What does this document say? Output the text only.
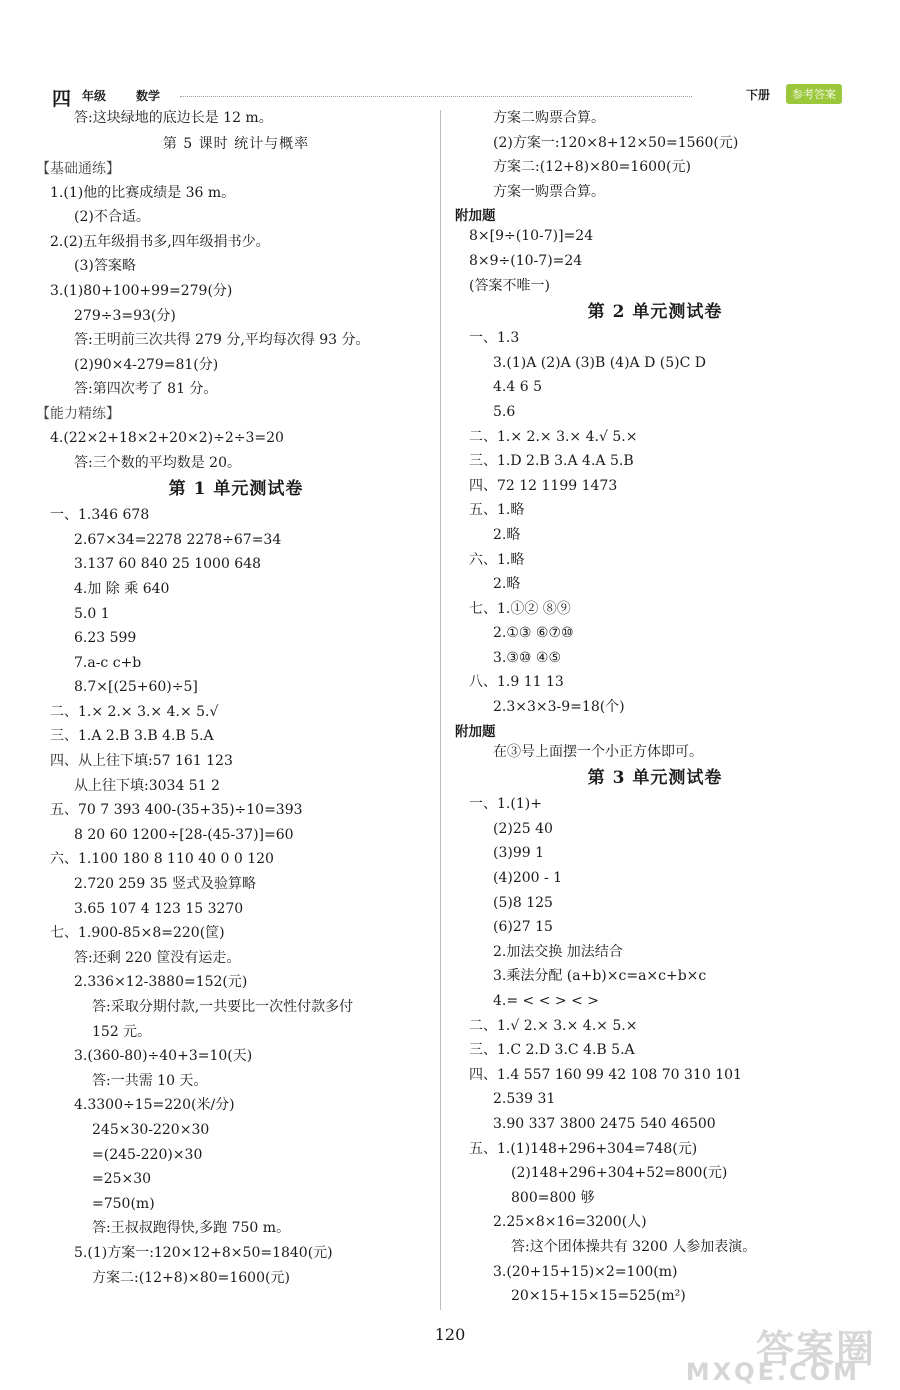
四 年级 数学	下册	参考答案
答:这块绿地的底边长是 12 m。
第 5 课时 统计与概率
【基础通练】
1.(1)他的比赛成绩是 36 m。
(2)不合适。
2.(2)五年级捐书多,四年级捐书少。
(3)答案略
3.(1)80+100+99=279(分)
279÷3=93(分)
答:王明前三次共得 279 分,平均每次得 93 分。
(2)90×4-279=81(分)
答:第四次考了 81 分。
【能力精练】
4.(22×2+18×2+20×2)÷2÷3=20
答:三个数的平均数是 20。
第 1 单元测试卷
一、1.346 678
2.67×34=2278 2278÷67=34
3.137 60 840 25 1000 648
4.加 除 乘 640
5.0 1
6.23 599
7.a-c c+b
8.7×[(25+60)÷5]
二、1.× 2.× 3.× 4.× 5.√
三、1.A 2.B 3.B 4.B 5.A
四、从上往下填:57 161 123
从上往下填:3034 51 2
五、70 7 393 400-(35+35)÷10=393
8 20 60 1200÷[28-(45-37)]=60
六、1.100 180 8 110 40 0 0 120
2.720 259 35 竖式及验算略
3.65 107 4 123 15 3270
七、1.900-85×8=220(筐)
答:还剩 220 筐没有运走。
2.336×12-3880=152(元)
答:采取分期付款,一共要比一次性付款多付
152 元。
3.(360-80)÷40+3=10(天)
答:一共需 10 天。
4.3300÷15=220(米/分)
245×30-220×30
=(245-220)×30
=25×30
=750(m)
答:王叔叔跑得快,多跑 750 m。
5.(1)方案一:120×12+8×50=1840(元)
方案二:(12+8)×80=1600(元)
方案二购票合算。
(2)方案一:120×8+12×50=1560(元)
方案二:(12+8)×80=1600(元)
方案一购票合算。
附加题
8×[9÷(10-7)]=24
8×9÷(10-7)=24
(答案不唯一)
第 2 单元测试卷
一、1.3
3.(1)A (2)A (3)B (4)A D (5)C D
4.4 6 5
5.6
二、1.× 2.× 3.× 4.√ 5.×
三、1.D 2.B 3.A 4.A 5.B
四、72 12 1199 1473
五、1.略
2.略
六、1.略
2.略
七、1.①② ⑧⑨
2.①③ ⑥⑦⑩
3.③⑩ ④⑤
八、1.9 11 13
2.3×3×3-9=18(个)
附加题
在③号上面摆一个小正方体即可。
第 3 单元测试卷
一、1.(1)+
(2)25 40
(3)99 1
(4)200 - 1
(5)8 125
(6)27 15
2.加法交换 加法结合
3.乘法分配 (a+b)×c=a×c+b×c
4.= < < > < >
二、1.√ 2.× 3.× 4.× 5.×
三、1.C 2.D 3.C 4.B 5.A
四、1.4 557 160 99 42 108 70 310 101
2.539 31
3.90 337 3800 2475 540 46500
五、1.(1)148+296+304=748(元)
(2)148+296+304+52=800(元)
800=800 够
2.25×8×16=3200(人)
答:这个团体操共有 3200 人参加表演。
3.(20+15+15)×2=100(m)
20×15+15×15=525(m²)
120	答案圈
MXQE.COM
